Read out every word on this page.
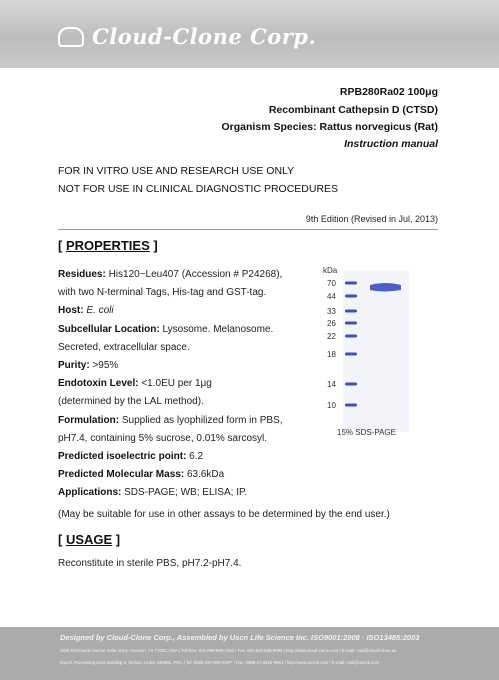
Cloud-Clone Corp.
RPB280Ra02 100μg
Recombinant Cathepsin D (CTSD)
Organism Species: Rattus norvegicus (Rat)
Instruction manual
FOR IN VITRO USE AND RESEARCH USE ONLY
NOT FOR USE IN CLINICAL DIAGNOSTIC PROCEDURES
9th Edition (Revised in Jul, 2013)
[ PROPERTIES ]
Residues: His120~Leu407 (Accession # P24268),
with two N-terminal Tags, His-tag and GST-tag.
Host: E. coli
Subcellular Location: Lysosome. Melanosome.
Secreted, extracellular space.
Purity: >95%
Endotoxin Level: <1.0EU per 1μg
(determined by the LAL method).
Formulation: Supplied as lyophilized form in PBS,
pH7.4, containing 5% sucrose, 0.01% sarcosyl.
Predicted isoelectric point: 6.2
Predicted Molecular Mass: 63.6kDa
Applications: SDS-PAGE; WB; ELISA; IP.
kDa
70
44
33
26
22
18
14
10
15% SDS-PAGE
(May be suitable for use in other assays to be determined by the end user.)
[ USAGE ]
Reconstitute in sterile PBS, pH7.2-pH7.4.
Designed by Cloud-Clone Corp., Assembled by Uscn Life Science Inc. ISO9001:2008 · ISO13485:2003
1820 Richmond Avenue Suite 1019, Houston, TX 77002, USA | Toll-free: 001-888-960-7402 | Fax: 001-832-538-0088 | http://www.cloud-clone.com | E-mail: mail@cloud-clone.us
Export Processing Zone Building II, Wuhan, Hubei 430056, PRC | Tel: 0086-027-849-044** | Fax: 0086-27-8425-9551 | http://www.uscnk.com | E-mail: mail@uscnk.com
